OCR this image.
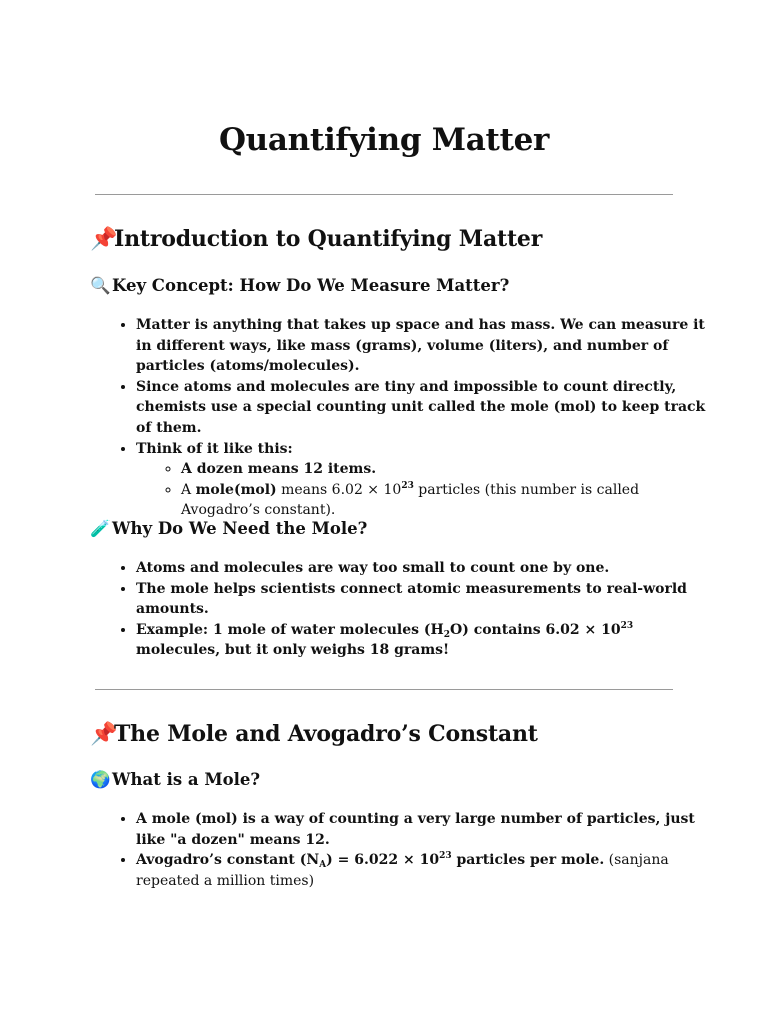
Quantifying Matter
📌Introduction to Quantifying Matter
🔍Key Concept: How Do We Measure Matter?
• Matter is anything that takes up space and has mass. We can measure it in different ways, like mass (grams), volume (liters), and number of particles (atoms/molecules).
• Since atoms and molecules are tiny and impossible to count directly, chemists use a special counting unit called the mole (mol) to keep track of them.
• Think of it like this:
◦ A dozen means 12 items.
◦ A mole(mol) means $6.02 \times 10^{23}$ particles (this number is called Avogadro’s constant).
🧪Why Do We Need the Mole?
• Atoms and molecules are way too small to count one by one.
• The mole helps scientists connect atomic measurements to real-world amounts.
• Example: 1 mole of water molecules $(H_2O)$ contains $6.02 \times 10^{23}$ molecules, but it only weighs 18 grams!
📌The Mole and Avogadro’s Constant
🌍What is a Mole?
• A mole (mol) is a way of counting a very large number of particles, just like "a dozen" means 12.
• Avogadro’s constant $(N_A) = 6.022 \times 10^{23}$ particles per mole. (sanjana repeated a million times)
